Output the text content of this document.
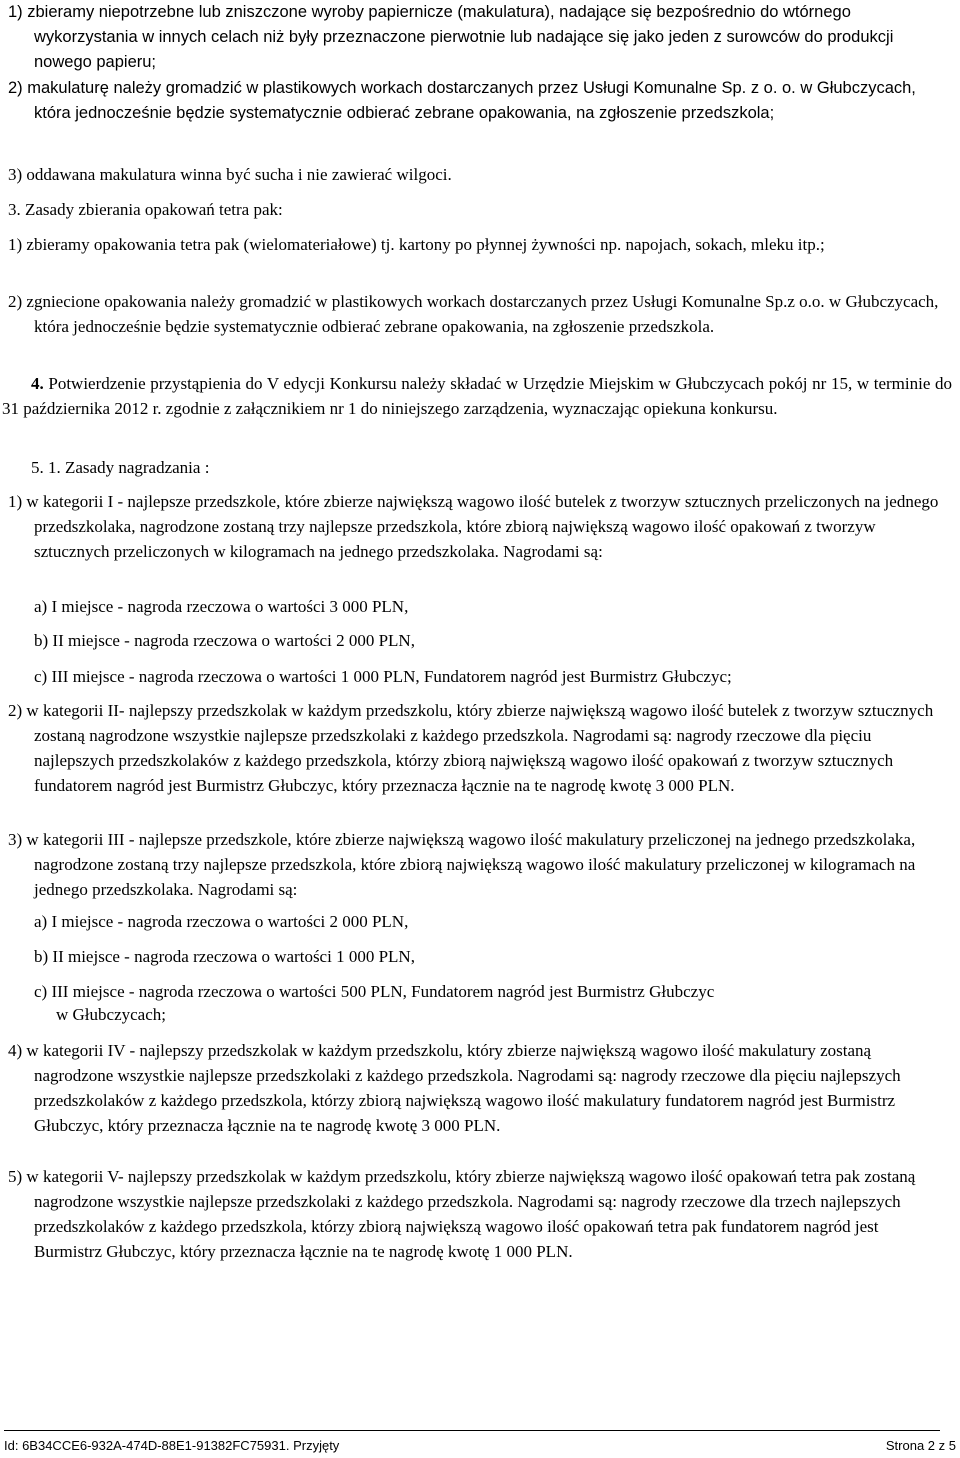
1) zbieramy niepotrzebne lub zniszczone wyroby papiernicze (makulatura), nadające się bezpośrednio do wtórnego wykorzystania w innych celach niż były przeznaczone pierwotnie lub nadające się jako jeden z surowców do produkcji nowego papieru;

2) makulaturę należy gromadzić w plastikowych workach dostarczanych przez Usługi Komunalne Sp. z o. o. w Głubczycach, która jednocześnie będzie systematycznie odbierać zebrane opakowania, na zgłoszenie przedszkola;

3) oddawana makulatura winna być sucha i nie zawierać wilgoci.

3. Zasady zbierania opakowań tetra pak:

1) zbieramy opakowania tetra pak (wielomateriałowe) tj. kartony po płynnej żywności np. napojach, sokach, mleku itp.;

2) zgniecione opakowania należy gromadzić w plastikowych workach dostarczanych przez Usługi Komunalne Sp.z o.o. w Głubczycach, która jednocześnie będzie systematycznie odbierać zebrane opakowania, na zgłoszenie przedszkola.

4. Potwierdzenie przystąpienia do V edycji Konkursu należy składać w Urzędzie Miejskim w Głubczycach pokój nr 15, w terminie do 31 października 2012 r. zgodnie z załącznikiem nr 1 do niniejszego zarządzenia, wyznaczając opiekuna konkursu.

5. 1. Zasady nagradzania :

1) w kategorii I - najlepsze przedszkole, które zbierze największą wagowo ilość butelek z tworzyw sztucznych przeliczonych na jednego przedszkolaka, nagrodzone zostaną trzy najlepsze przedszkola, które zbiorą największą wagowo ilość opakowań z tworzyw sztucznych przeliczonych w kilogramach na jednego przedszkolaka. Nagrodami są:

a) I miejsce - nagroda rzeczowa o wartości 3 000 PLN,

b) II miejsce - nagroda rzeczowa o wartości 2 000 PLN,

c) III miejsce - nagroda rzeczowa o wartości 1 000 PLN, Fundatorem nagród jest Burmistrz Głubczyc;

2) w kategorii II- najlepszy przedszkolak w każdym przedszkolu, który zbierze największą wagowo ilość butelek z tworzyw sztucznych zostaną nagrodzone wszystkie najlepsze przedszkolaki z każdego przedszkola. Nagrodami są: nagrody rzeczowe dla pięciu najlepszych przedszkolaków z każdego przedszkola, którzy zbiorą największą wagowo ilość opakowań z tworzyw sztucznych fundatorem nagród jest Burmistrz Głubczyc, który przeznacza łącznie na te nagrodę kwotę 3 000 PLN.

3) w kategorii III - najlepsze przedszkole, które zbierze największą wagowo ilość makulatury przeliczonej na jednego przedszkolaka, nagrodzone zostaną trzy najlepsze przedszkola, które zbiorą największą wagowo ilość makulatury przeliczonej w kilogramach na jednego przedszkolaka. Nagrodami są:

a) I miejsce - nagroda rzeczowa o wartości 2 000 PLN,

b) II miejsce - nagroda rzeczowa o wartości 1 000 PLN,

c) III miejsce - nagroda rzeczowa o wartości 500 PLN, Fundatorem nagród jest Burmistrz Głubczyc

w Głubczycach;

4) w kategorii IV - najlepszy przedszkolak w każdym przedszkolu, który zbierze największą wagowo ilość makulatury zostaną nagrodzone wszystkie najlepsze przedszkolaki z każdego przedszkola. Nagrodami są: nagrody rzeczowe dla pięciu najlepszych przedszkolaków z każdego przedszkola, którzy zbiorą największą wagowo ilość makulatury fundatorem nagród jest Burmistrz Głubczyc, który przeznacza łącznie na te nagrodę kwotę 3 000 PLN.

5) w kategorii V- najlepszy przedszkolak w każdym przedszkolu, który zbierze największą wagowo ilość opakowań tetra pak zostaną nagrodzone wszystkie najlepsze przedszkolaki z każdego przedszkola. Nagrodami są: nagrody rzeczowe dla trzech najlepszych przedszkolaków z każdego przedszkola, którzy zbiorą największą wagowo ilość opakowań tetra pak fundatorem nagród jest Burmistrz Głubczyc, który przeznacza łącznie na te nagrodę kwotę 1 000 PLN.

Id: 6B34CCE6-932A-474D-88E1-91382FC75931. Przyjęty	Strona 2 z 5
